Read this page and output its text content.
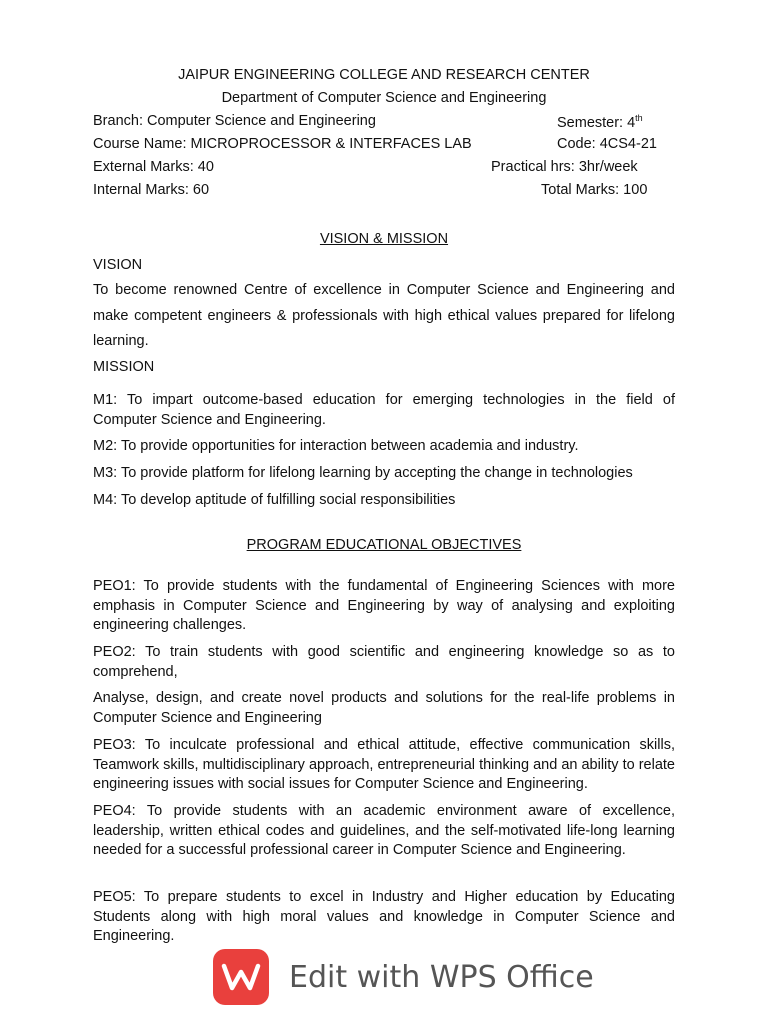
JAIPUR ENGINEERING COLLEGE AND RESEARCH CENTER
Department of Computer Science and Engineering
Branch: Computer Science and Engineering	Semester: 4th
Course Name: MICROPROCESSOR & INTERFACES LAB	Code: 4CS4-21
External Marks: 40	Practical hrs: 3hr/week
Internal Marks: 60	Total Marks: 100
VISION & MISSION
VISION
To become renowned Centre of excellence in Computer Science and Engineering and make competent engineers & professionals with high ethical values prepared for lifelong learning.
MISSION
M1: To impart outcome-based education for emerging technologies in the field of Computer Science and Engineering.
M2: To provide opportunities for interaction between academia and industry.
M3: To provide platform for lifelong learning by accepting the change in technologies
M4: To develop aptitude of fulfilling social responsibilities
PROGRAM EDUCATIONAL OBJECTIVES
PEO1: To provide students with the fundamental of Engineering Sciences with more emphasis in Computer Science and Engineering by way of analysing and exploiting engineering challenges.
PEO2: To train students with good scientific and engineering knowledge so as to comprehend,
Analyse, design, and create novel products and solutions for the real-life problems in Computer Science and Engineering
PEO3: To inculcate professional and ethical attitude, effective communication skills, Teamwork skills, multidisciplinary approach, entrepreneurial thinking and an ability to relate engineering issues with social issues for Computer Science and Engineering.
PEO4: To provide students with an academic environment aware of excellence, leadership, written ethical codes and guidelines, and the self-motivated life-long learning needed for a successful professional career in Computer Science and Engineering.
PEO5: To prepare students to excel in Industry and Higher education by Educating Students along with high moral values and knowledge in Computer Science and Engineering.
Edit with WPS Office
